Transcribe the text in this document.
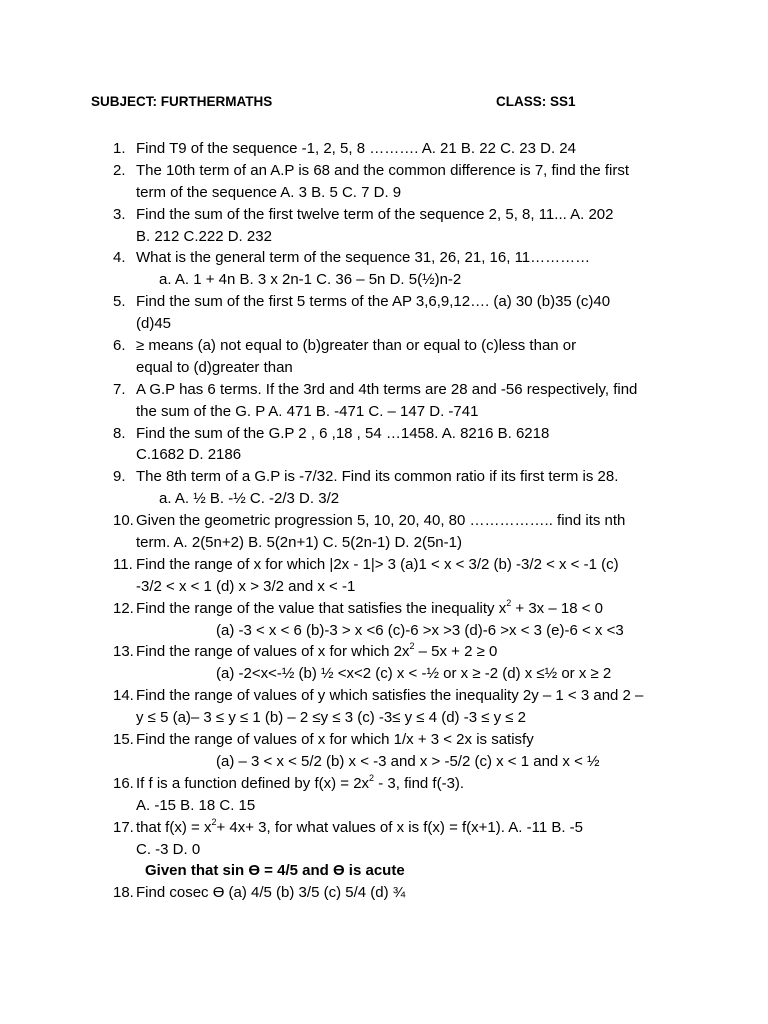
SUBJECT: FURTHERMATHS	CLASS: SS1
1. Find T9 of the sequence -1, 2, 5, 8 ………. A. 21 B. 22 C. 23 D. 24
2. The 10th term of an A.P is 68 and the common difference is 7, find the first
term of the sequence A. 3 B. 5 C. 7 D. 9
3. Find the sum of the first twelve term of the sequence 2, 5, 8, 11... A. 202
B. 212 C.222 D. 232
4. What is the general term of the sequence 31, 26, 21, 16, 11…………
a. A. 1 + 4n B. 3 x 2n-1 C. 36 – 5n D. 5(½)n-2
5. Find the sum of the first 5 terms of the AP 3,6,9,12…. (a) 30 (b)35 (c)40
(d)45
6. ≥ means (a) not equal to (b)greater than or equal to (c)less than or
equal to (d)greater than
7. A G.P has 6 terms. If the 3rd and 4th terms are 28 and -56 respectively, find
the sum of the G. P A. 471 B. -471 C. – 147 D. -741
8. Find the sum of the G.P 2 , 6 ,18 , 54 …1458. A. 8216 B. 6218
C.1682 D. 2186
9. The 8th term of a G.P is -7/32. Find its common ratio if its first term is 28.
a. A. ½ B. -½ C. -2/3 D. 3/2
10. Given the geometric progression 5, 10, 20, 40, 80 …………….. find its nth
term. A. 2(5n+2) B. 5(2n+1) C. 5(2n-1) D. 2(5n-1)
11. Find the range of x for which |2x - 1|> 3 (a)1 < x < 3/2 (b) -3/2 < x < -1 (c)
-3/2 < x < 1 (d) x > 3/2 and x < -1
12. Find the range of the value that satisfies the inequality $x^2 + 3x - 18 < 0$
(a) -3 < x < 6 (b)-3 > x <6 (c)-6 >x >3 (d)-6 >x < 3 (e)-6 < x <3
13. Find the range of values of x for which $2x^2 - 5x + 2 \ge 0$
(a) -2<x<-½ (b) ½ <x<2 (c) x < -½ or x ≥ -2 (d) x ≤½ or x ≥ 2
14. Find the range of values of y which satisfies the inequality 2y – 1 < 3 and 2 –
y ≤ 5 (a)– 3 ≤ y ≤ 1 (b) – 2 ≤y ≤ 3 (c) -3≤ y ≤ 4 (d) -3 ≤ y ≤ 2
15. Find the range of values of x for which 1/x + 3 < 2x is satisfy
(a) – 3 < x < 5/2 (b) x < -3 and x > -5/2 (c) x < 1 and x < ½
16. If f is a function defined by $f(x) = 2x^2 - 3$, find f(-3).
A. -15 B. 18 C. 15
17. that $f(x) = x^2+ 4x+ 3$, for what values of x is f(x) = f(x+1). A. -11 B. -5
C. -3 D. 0
Given that sin Ө = 4/5 and Ө is acute
18. Find cosec Ө (a) 4/5 (b) 3/5 (c) 5/4 (d) ¾
